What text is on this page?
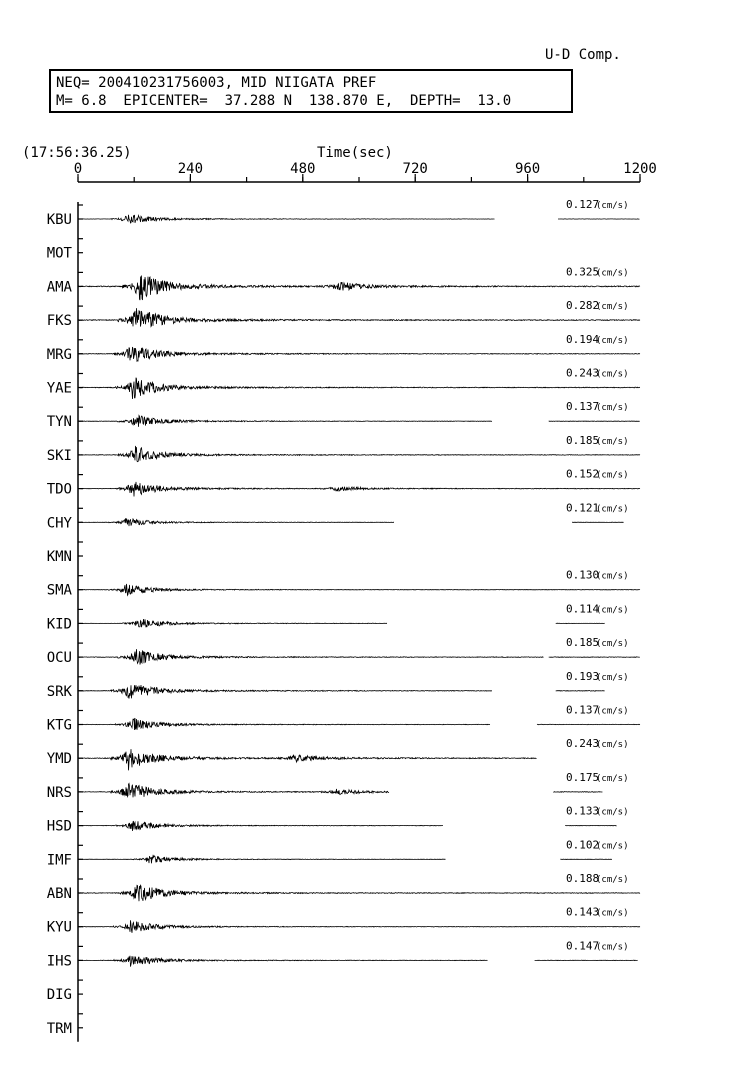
U-D Comp.
NEQ= 200410231756003, MID NIIGATA PREF
M= 6.8  EPICENTER=  37.288 N  138.870 E,  DEPTH=  13.0
(17:56:36.25)	Time(sec)
0	240	480	720	960	1200
KBU
0.127
(cm/s)
MOT
AMA
0.325
(cm/s)
FKS
0.282
(cm/s)
MRG
0.194
(cm/s)
YAE
0.243
(cm/s)
TYN
0.137
(cm/s)
SKI
0.185
(cm/s)
TDO
0.152
(cm/s)
CHY
0.121
(cm/s)
KMN
SMA
0.130
(cm/s)
KID
0.114
(cm/s)
OCU
0.185
(cm/s)
SRK
0.193
(cm/s)
KTG
0.137
(cm/s)
YMD
0.243
(cm/s)
NRS
0.175
(cm/s)
HSD
0.133
(cm/s)
IMF
0.102
(cm/s)
ABN
0.188
(cm/s)
KYU
0.143
(cm/s)
IHS
0.147
(cm/s)
DIG
TRM
